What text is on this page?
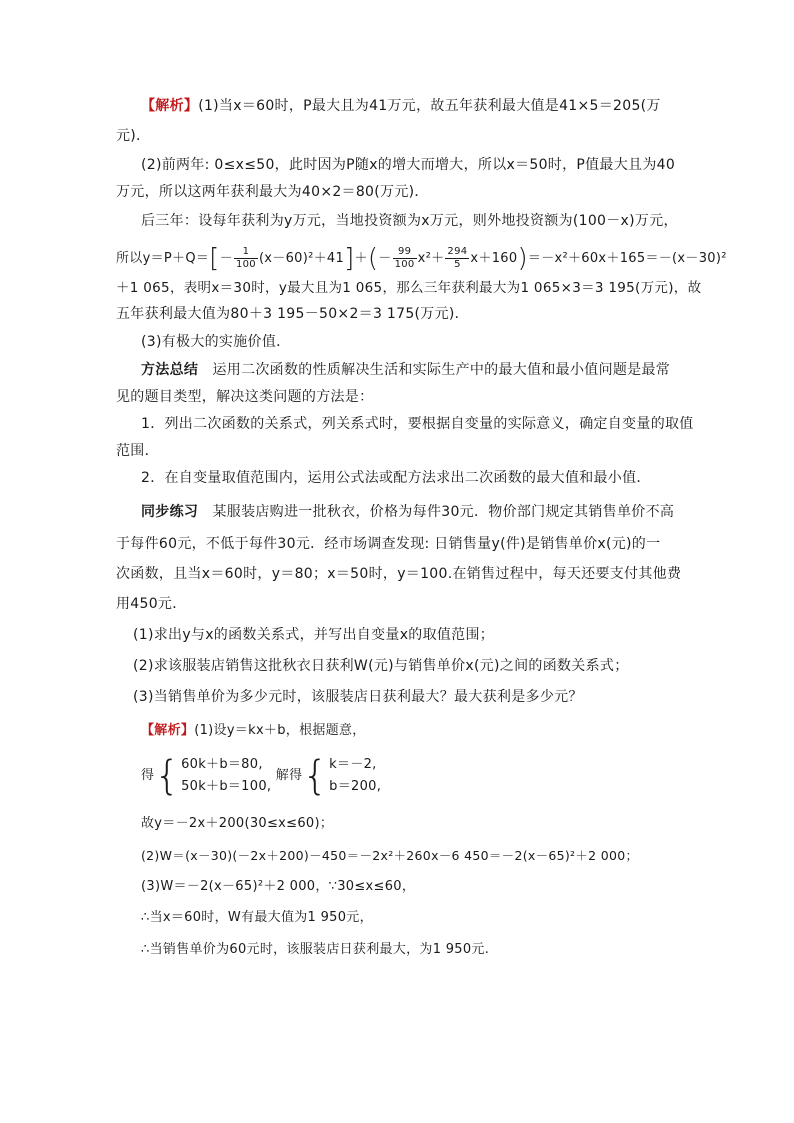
【解析】(1)当x＝60时，P最大且为41万元，故五年获利最大值是41×5＝205(万
元)．
(2)前两年: 0≤x≤50，此时因为P随x的增大而增大，所以x＝50时，P值最大且为40
万元，所以这两年获利最大为40×2＝80(万元)．
后三年：设每年获利为y万元，当地投资额为x万元，则外地投资额为(100－x)万元，
所以$y=P+Q=[- \frac{1}{100} (x-60)^2+41]+(- \frac{99}{100} x^2+ \frac{294}{5} x+160)=-x^2+60x+165=-(x-30)^2$
＋1 065，表明x＝30时，y最大且为1 065，那么三年获利最大为1 065×3＝3 195(万元)，故
五年获利最大值为80＋3 195－50×2＝3 175(万元)．
(3)有极大的实施价值．
方法总结 运用二次函数的性质解决生活和实际生产中的最大值和最小值问题是最常
见的题目类型，解决这类问题的方法是：
1．列出二次函数的关系式，列关系式时，要根据自变量的实际意义，确定自变量的取值
范围．
2．在自变量取值范围内，运用公式法或配方法求出二次函数的最大值和最小值．
同步练习 某服装店购进一批秋衣，价格为每件30元．物价部门规定其销售单价不高
于每件60元，不低于每件30元．经市场调查发现: 日销售量y(件)是销售单价x(元)的一
次函数，且当x＝60时，y＝80；x＝50时，y＝100.在销售过程中，每天还要支付其他费
用450元．
(1)求出y与x的函数关系式，并写出自变量x的取值范围；
(2)求该服装店销售这批秋衣日获利W(元)与销售单价x(元)之间的函数关系式；
(3)当销售单价为多少元时，该服装店日获利最大？最大获利是多少元？
【解析】(1)设y＝kx＋b，根据题意，
得 { 60k＋b＝80,
50k＋b＝100,
解得 { k＝－2,
b＝200,
故y＝－2x＋200(30≤x≤60)；
(2)W＝(x－30)(－2x＋200)－450＝－2x²＋260x－6 450＝－2(x－65)²＋2 000；
(3)W＝－2(x－65)²＋2 000，∵30≤x≤60，
∴当x＝60时，W有最大值为1 950元，
∴当销售单价为60元时，该服装店日获利最大，为1 950元.
